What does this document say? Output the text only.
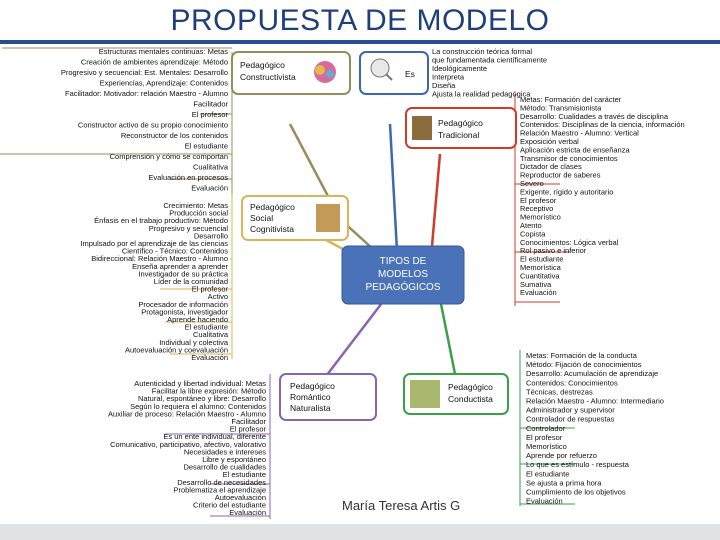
PROPUESTA DE MODELO
TIPOS DE
MODELOS
PEDAGÓGICOS
Pedagógico
Constructivista	Es
Pedagógico
Tradicional
Pedagógico
Social
Cognitivista
Pedagógico
Romántico
Naturalista
Pedagógico
Conductista
María Teresa Artis G
Estructuras mentales continuas: Metas
Creación de ambientes aprendizaje: Método
Progresivo y secuencial: Est. Mentales: Desarrollo
Experiencias, Aprendizaje: Contenidos
Facilitador: Motivador: relación Maestro - Alumno
Facilitador
El profesor
Constructor activo de su propio conocimiento
Reconstructor de los contenidos
El estudiante
Comprensión y cómo se comportan
Cualitativa
Evaluación en procesos
Evaluación
La construcción teórica formal
que fundamentada científicamente
Ideológicamente
Interpreta
Diseña
Ajusta la realidad pedagógica
Metas: Formación del carácter
Método: Transmisionista
Desarrollo: Cualidades a través de disciplina
Contenidos: Disciplinas de la ciencia, información
Relación Maestro - Alumno: Vertical
Exposición verbal
Aplicación estricta de enseñanza
Transmisor de conocimientos
Dictador de clases
Reproductor de saberes
Severo
Exigente, rígido y autoritario
El profesor
Receptivo
Memorístico
Atento
Copista
Conocimientos: Lógica verbal
Rol pasivo e inferior
El estudiante
Memorística
Cuantitativa
Sumativa
Evaluación
Crecimiento: Metas
Producción social
Énfasis en el trabajo productivo: Método
Progresivo y secuencial
Desarrollo
Impulsado por el aprendizaje de las ciencias
Científico - Técnico: Contenidos
Bidireccional: Relación Maestro - Alumno
Enseña aprender a aprender
Investigador de su práctica
Líder de la comunidad
El profesor
Activo
Procesador de información
Protagonista, investigador
Aprende haciendo
El estudiante
Cualitativa
Individual y colectiva
Autoevaluación y coevaluación
Evaluación
Autenticidad y libertad individual: Metas
Facilitar la libre expresión: Método
Natural, espontáneo y libre: Desarrollo
Según lo requiera el alumno: Contenidos
Auxiliar de proceso: Relación Maestro - Alumno
Facilitador
El profesor
Es un ente individual, diferente
Comunicativo, participativo, afectivo, valorativo
Necesidades e intereses
Libre y espontáneo
Desarrollo de cualidades
El estudiante
Desarrollo de necesidades
Problematiza el aprendizaje
Autoevaluación
Criterio del estudiante
Evaluación
Metas: Formación de la conducta
Método: Fijación de conocimientos
Desarrollo: Acumulación de aprendizaje
Contenidos: Conocimientos
Técnicas, destrezas
Relación Maestro - Alumno: Intermediario
Administrador y supervisor
Controlador de respuestas
Controlador
El profesor
Memorístico
Aprende por refuerzo
Lo que es estímulo - respuesta
El estudiante
Se ajusta a prima hora
Cumplimiento de los objetivos
Evaluación
